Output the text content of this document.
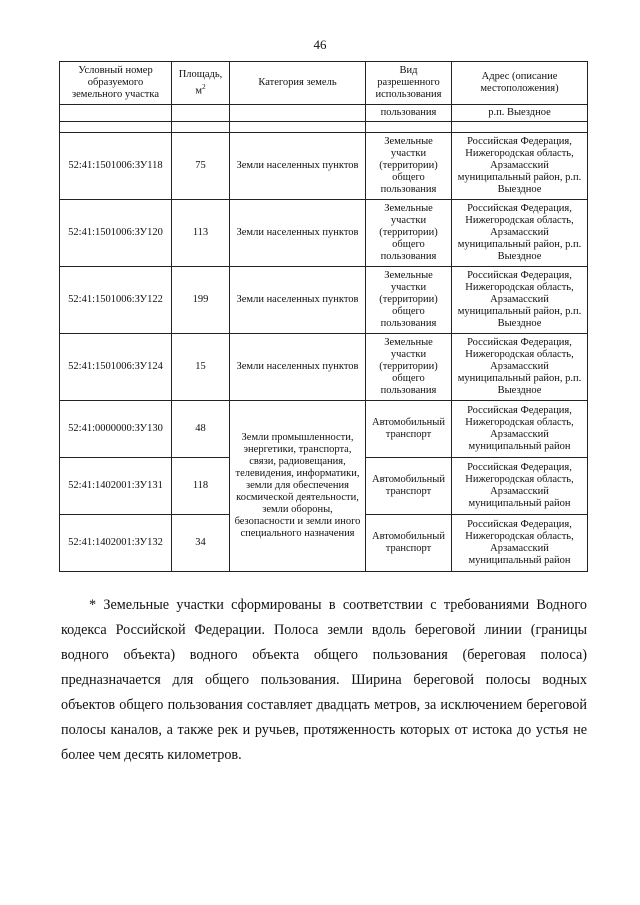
46
Условный номер образуемого земельного участка	Площадь, $м^2$	Категория земель	Вид разрешенного использования	Адрес (описание местоположения)
			пользования	р.п. Выездное

52:41:1501006:ЗУ118	75	Земли населенных пунктов	Земельные участки (территории) общего пользования	Российская Федерация, Нижегородская область, Арзамасский муниципальный район, р.п. Выездное
52:41:1501006:ЗУ120	113	Земли населенных пунктов	Земельные участки (территории) общего пользования	Российская Федерация, Нижегородская область, Арзамасский муниципальный район, р.п. Выездное
52:41:1501006:ЗУ122	199	Земли населенных пунктов	Земельные участки (территории) общего пользования	Российская Федерация, Нижегородская область, Арзамасский муниципальный район, р.п. Выездное
52:41:1501006:ЗУ124	15	Земли населенных пунктов	Земельные участки (территории) общего пользования	Российская Федерация, Нижегородская область, Арзамасский муниципальный район, р.п. Выездное
52:41:0000000:ЗУ130	48	Земли промышленности, энергетики, транспорта, связи, радиовещания, телевидения, информатики, земли для обеспечения космической деятельности, земли обороны, безопасности и земли иного специального назначения	Автомобильный транспорт	Российская Федерация, Нижегородская область, Арзамасский муниципальный район
52:41:1402001:ЗУ131	118		Автомобильный транспорт	Российская Федерация, Нижегородская область, Арзамасский муниципальный район
52:41:1402001:ЗУ132	34		Автомобильный транспорт	Российская Федерация, Нижегородская область, Арзамасский муниципальный район

* Земельные участки сформированы в соответствии с требованиями Водного кодекса Российской Федерации. Полоса земли вдоль береговой линии (границы водного объекта) водного объекта общего пользования (береговая полоса) предназначается для общего пользования. Ширина береговой полосы водных объектов общего пользования составляет двадцать метров, за исключением береговой полосы каналов, а также рек и ручьев, протяженность которых от истока до устья не более чем десять километров.
